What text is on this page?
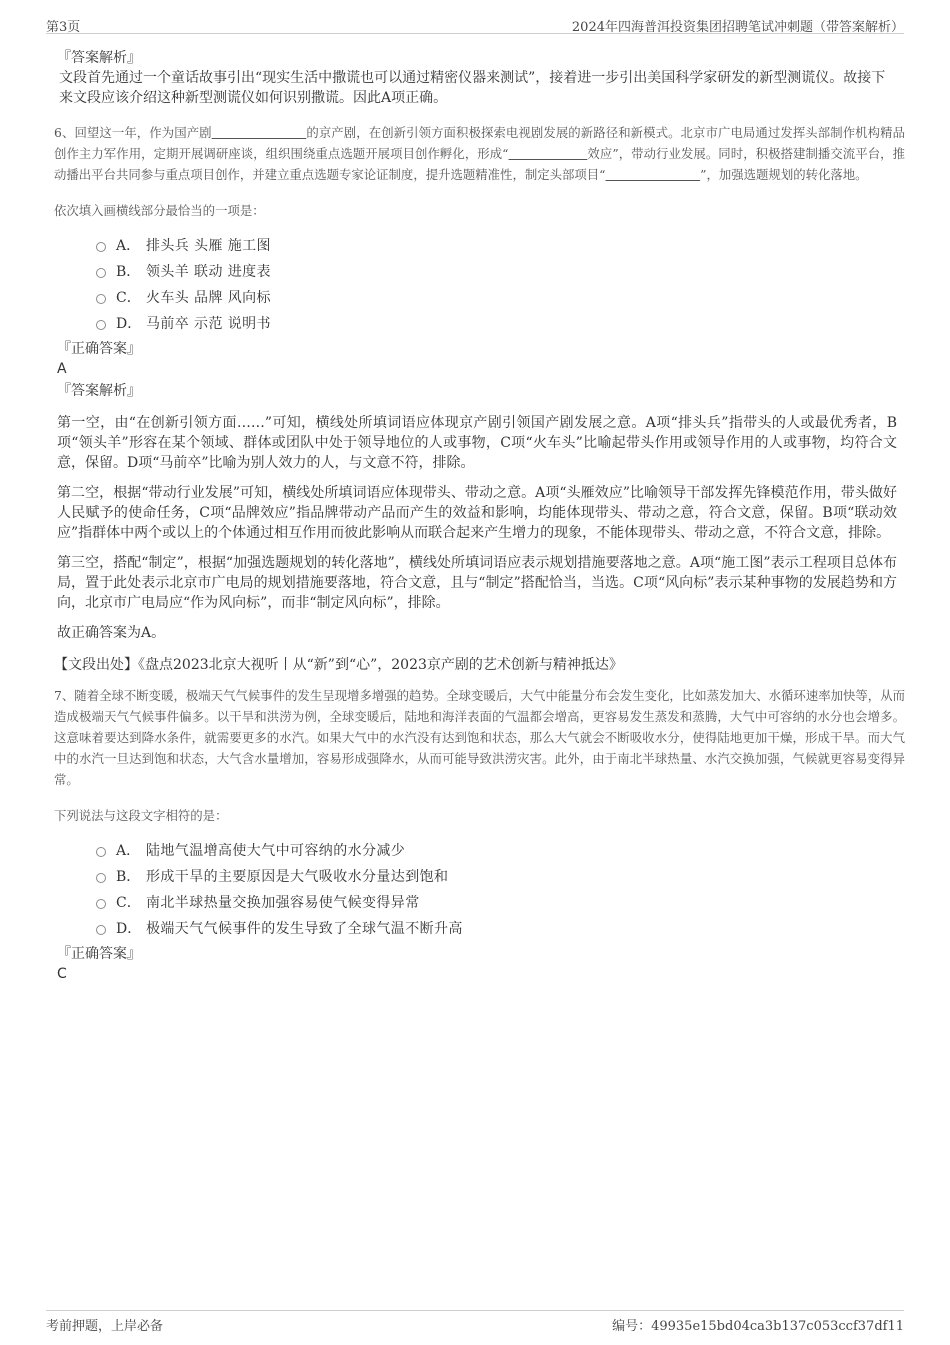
第3页	2024年四海普洱投资集团招聘笔试冲刺题（带答案解析）
『答案解析』
文段首先通过一个童话故事引出“现实生活中撒谎也可以通过精密仪器来测试”，接着进一步引出美国科学家研发的新型测谎仪。故接下来文段应该介绍这种新型测谎仪如何识别撒谎。因此A项正确。
6、回望这一年，作为国产剧            	的京产剧，在创新引领方面积极探索电视剧发展的新路径和新模式。北京市广电局通过发挥头部制作机构精品创作主力军作用，定期开展调研座谈，组织围绕重点选题开展项目创作孵化，形成“          	效应”，带动行业发展。同时，积极搭建制播交流平台，推动播出平台共同参与重点项目创作，并建立重点选题专家论证制度，提升选题精准性，制定头部项目“            	”，加强选题规划的转化落地。
依次填入画横线部分最恰当的一项是：
A． 排头兵 头雁 施工图
B． 领头羊 联动 进度表
C． 火车头 品牌 风向标
D． 马前卒 示范 说明书
『正确答案』
A
『答案解析』
第一空，由“在创新引领方面……”可知，横线处所填词语应体现京产剧引领国产剧发展之意。A项“排头兵”指带头的人或最优秀者，B项“领头羊”形容在某个领域、群体或团队中处于领导地位的人或事物，C项“火车头”比喻起带头作用或领导作用的人或事物，均符合文意，保留。D项“马前卒”比喻为别人效力的人，与文意不符，排除。
第二空，根据“带动行业发展”可知，横线处所填词语应体现带头、带动之意。A项“头雁效应”比喻领导干部发挥先锋模范作用，带头做好人民赋予的使命任务，C项“品牌效应”指品牌带动产品而产生的效益和影响，均能体现带头、带动之意，符合文意，保留。B项“联动效应”指群体中两个或以上的个体通过相互作用而彼此影响从而联合起来产生增力的现象，不能体现带头、带动之意，不符合文意，排除。
第三空，搭配“制定”，根据“加强选题规划的转化落地”，横线处所填词语应表示规划措施要落地之意。A项“施工图”表示工程项目总体布局，置于此处表示北京市广电局的规划措施要落地，符合文意，且与“制定”搭配恰当，当选。C项“风向标”表示某种事物的发展趋势和方向，北京市广电局应“作为风向标”，而非“制定风向标”，排除。
故正确答案为A。
【文段出处】《盘点2023北京大视听丨从“新”到“心”，2023京产剧的艺术创新与精神抵达》
7、随着全球不断变暖，极端天气气候事件的发生呈现增多增强的趋势。全球变暖后，大气中能量分布会发生变化，比如蒸发加大、水循环速率加快等，从而造成极端天气气候事件偏多。以干旱和洪涝为例，全球变暖后，陆地和海洋表面的气温都会增高，更容易发生蒸发和蒸腾，大气中可容纳的水分也会增多。这意味着要达到降水条件，就需要更多的水汽。如果大气中的水汽没有达到饱和状态，那么大气就会不断吸收水分，使得陆地更加干燥，形成干旱。而大气中的水汽一旦达到饱和状态，大气含水量增加，容易形成强降水，从而可能导致洪涝灾害。此外，由于南北半球热量、水汽交换加强，气候就更容易变得异常。
下列说法与这段文字相符的是：
A． 陆地气温增高使大气中可容纳的水分减少
B． 形成干旱的主要原因是大气吸收水分量达到饱和
C． 南北半球热量交换加强容易使气候变得异常
D． 极端天气气候事件的发生导致了全球气温不断升高
『正确答案』
C
考前押题，上岸必备	编号：49935e15bd04ca3b137c053ccf37df11
